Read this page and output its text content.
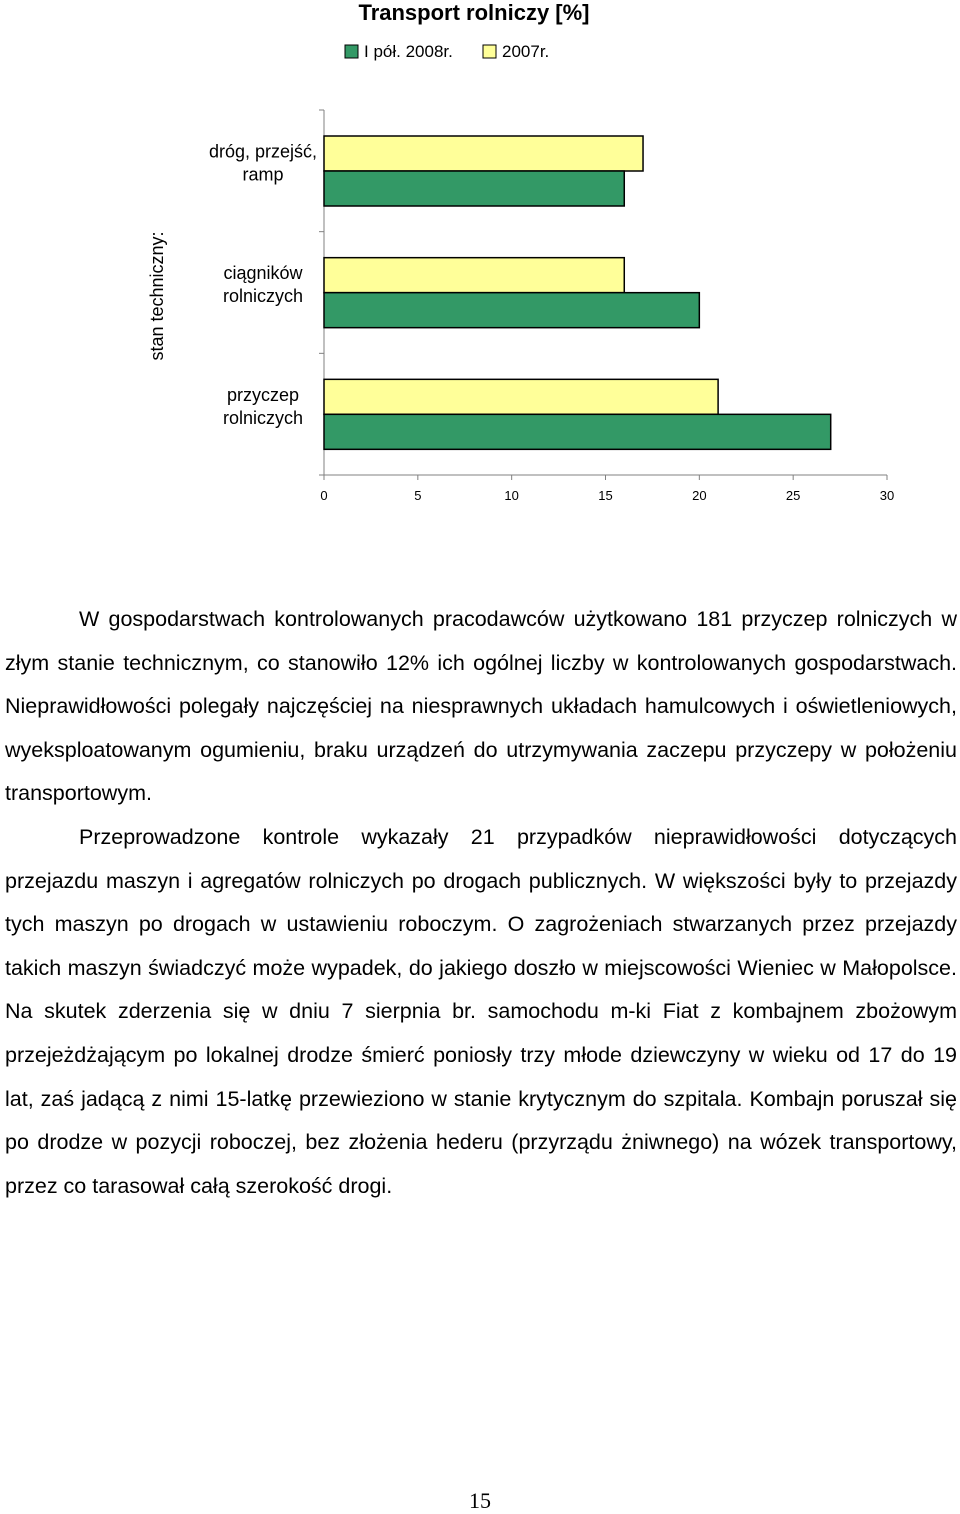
Transport rolniczy [%]
I pół. 2008r.	2007r.
stan techniczny:
0	5	10	15	20	25	30
dróg, przejść,
ramp
ciągników
rolniczych
przyczep
rolniczych

W gospodarstwach kontrolowanych pracodawców użytkowano 181 przyczep rolniczych w złym stanie technicznym, co stanowiło 12% ich ogólnej liczby w kontrolowanych gospodarstwach. Nieprawidłowości polegały najczęściej na niesprawnych układach hamulcowych i oświetleniowych, wyeksploatowanym ogumieniu, braku urządzeń do utrzymywania zaczepu przyczepy w położeniu transportowym.

Przeprowadzone kontrole wykazały 21 przypadków nieprawidłowości dotyczących przejazdu maszyn i agregatów rolniczych po drogach publicznych. W większości były to przejazdy tych maszyn po drogach w ustawieniu roboczym. O zagrożeniach stwarzanych przez przejazdy takich maszyn świadczyć może wypadek, do jakiego doszło w miejscowości Wieniec w Małopolsce. Na skutek zderzenia się w dniu 7 sierpnia br. samochodu m-ki Fiat z kombajnem zbożowym przejeżdżającym po lokalnej drodze śmierć poniosły trzy młode dziewczyny w wieku od 17 do 19 lat, zaś jadącą z nimi 15-latkę przewieziono w stanie krytycznym do szpitala. Kombajn poruszał się po drodze w pozycji roboczej, bez złożenia hederu (przyrządu żniwnego) na wózek transportowy, przez co tarasował całą szerokość drogi.

15
